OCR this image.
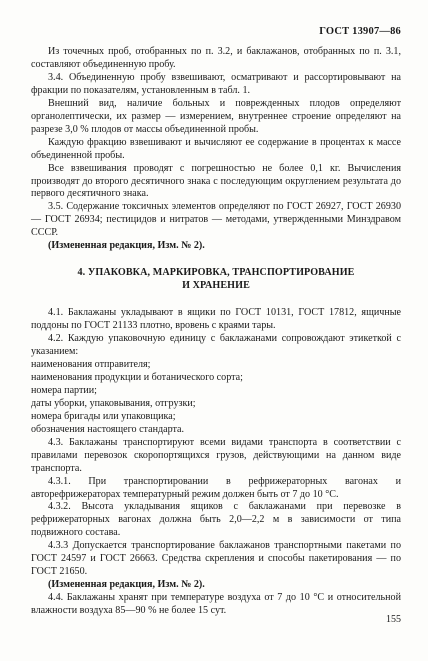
ГОСТ 13907—86

Из точечных проб, отобранных по п. 3.2, и баклажанов, отобранных по п. 3.1, составляют объединенную пробу.

3.4. Объединенную пробу взвешивают, осматривают и рассортировывают на фракции по показателям, установленным в табл. 1.

Внешний вид, наличие больных и поврежденных плодов определяют органолептически, их размер — измерением, внутреннее строение определяют на разрезе 3,0 % плодов от массы объединенной пробы.

Каждую фракцию взвешивают и вычисляют ее содержание в процентах к массе объединенной пробы.

Все взвешивания проводят с погрешностью не более 0,1 кг. Вычисления производят до второго десятичного знака с последующим округлением результата до первого десятичного знака.

3.5. Содержание токсичных элементов определяют по ГОСТ 26927, ГОСТ 26930 — ГОСТ 26934; пестицидов и нитратов — методами, утвержденными Минздравом СССР.

(Измененная редакция, Изм. № 2).

4. УПАКОВКА, МАРКИРОВКА, ТРАНСПОРТИРОВАНИЕ
И ХРАНЕНИЕ

4.1. Баклажаны укладывают в ящики по ГОСТ 10131, ГОСТ 17812, ящичные поддоны по ГОСТ 21133 плотно, вровень с краями тары.

4.2. Каждую упаковочную единицу с баклажанами сопровождают этикеткой с указанием:

наименования отправителя;

наименования продукции и ботанического сорта;

номера партии;

даты уборки, упаковывания, отгрузки;

номера бригады или упаковщика;

обозначения настоящего стандарта.

4.3. Баклажаны транспортируют всеми видами транспорта в соответствии с правилами перевозок скоропортящихся грузов, действующими на данном виде транспорта.

4.3.1. При транспортировании в рефрижераторных вагонах и авторефрижераторах температурный режим должен быть от 7 до 10 °С.

4.3.2. Высота укладывания ящиков с баклажанами при перевозке в рефрижераторных вагонах должна быть 2,0—2,2 м в зависимости от типа подвижного состава.

4.3.3 Допускается транспортирование баклажанов транспортными пакетами по ГОСТ 24597 и ГОСТ 26663. Средства скрепления и способы пакетирования — по ГОСТ 21650.

(Измененная редакция, Изм. № 2).

4.4. Баклажаны хранят при температуре воздуха от 7 до 10 °С и относительной влажности воздуха 85—90 % не более 15 сут.

155
